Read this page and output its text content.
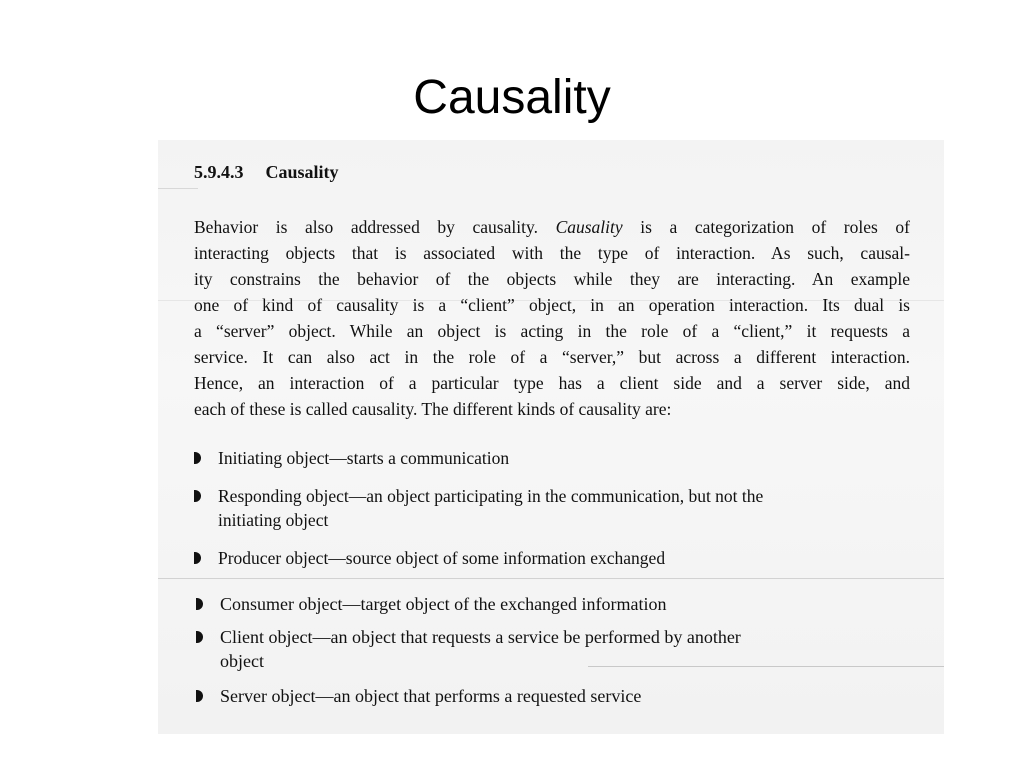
Causality
5.9.4.3 Causality
Behavior is also addressed by causality. Causality is a categorization of roles of
interacting objects that is associated with the type of interaction. As such, causal-
ity constrains the behavior of the objects while they are interacting. An example
one of kind of causality is a “client” object, in an operation interaction. Its dual is
a “server” object. While an object is acting in the role of a “client,” it requests a
service. It can also act in the role of a “server,” but across a different interaction.
Hence, an interaction of a particular type has a client side and a server side, and
each of these is called causality. The different kinds of causality are:
Initiating object—starts a communication
Responding object—an object participating in the communication, but not the
initiating object
Producer object—source object of some information exchanged
Consumer object—target object of the exchanged information
Client object—an object that requests a service be performed by another
object
Server object—an object that performs a requested service
